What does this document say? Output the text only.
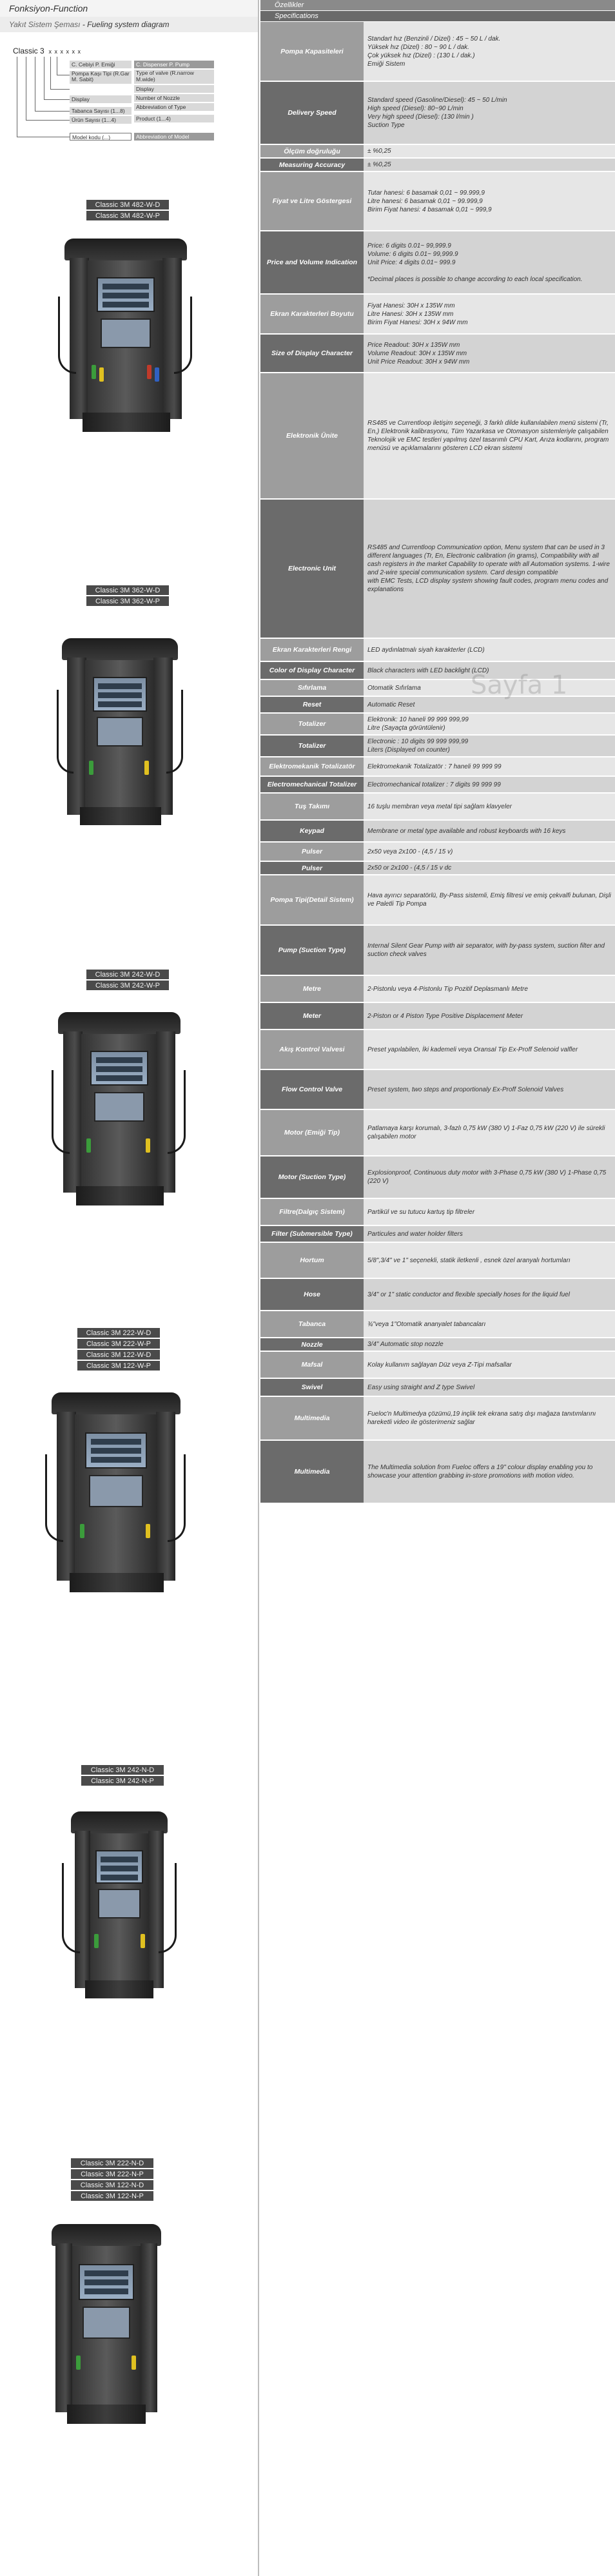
Fonksiyon-Function
Yakıt Sistem Şeması - Fueling system diagram
Classic 3  x x x x x x
C. Cebiyi P. Emiği
Pompa Kaşı Tipi (R.Gar M. Sabit)
Display
Tabanca Sayısı (1...8)
Ürün Sayısı (1...4)
Model kodu (...)
C. Dispenser P. Pump
Type of valve (R.narrow M.wide)
Display
Number of Nozzle
Abbreviation of Type
Product (1...4)
Abbreviation of Model
Classic 3M 482-W-D
Classic 3M 482-W-P
Classic 3M 362-W-D
Classic 3M 362-W-P
Classic 3M 242-W-D
Classic 3M 242-W-P
Classic 3M 222-W-D
Classic 3M 222-W-P
Classic 3M 122-W-D
Classic 3M 122-W-P
Classic 3M 242-N-D
Classic 3M 242-N-P
Classic 3M 222-N-D
Classic 3M 222-N-P
Classic 3M 122-N-D
Classic 3M 122-N-P
Özellikler
Specifications
Pompa Kapasiteleri	Standart hız (Benzinli / Dizel) : 45 ~ 50 L / dak.
Yüksek hız (Dizel) : 80 ~ 90 L / dak.
Çok yüksek hız (Dizel) : (130 L / dak.)
Emiği Sistem
Delivery Speed	Standard speed (Gasoline/Diesel): 45 ~ 50 L/min
High speed (Diesel): 80~90 L/min
Very high speed (Diesel): (130 l/min )
Suction Type
Ölçüm doğruluğu	± %0,25
Measuring Accuracy	± %0,25
Fiyat ve Litre Göstergesi	Tutar hanesi: 6 basamak 0,01 ~ 99.999,9
Litre hanesi: 6 basamak 0,01 ~ 99.999,9
Birim Fiyat hanesi: 4 basamak 0,01 ~ 999,9
Price and Volume Indication	Price: 6 digits 0.01~ 99,999.9
Volume: 6 digits 0.01~ 99,999.9
Unit Price: 4 digits 0.01~ 999.9

*Decimal places is possible to change according to each local specification.
Ekran Karakterleri Boyutu	Fiyat Hanesi: 30H x 135W mm
Litre Hanesi: 30H x 135W mm
Birim Fiyat Hanesi: 30H x 94W mm
Size of Display Character	Price Readout: 30H x 135W mm
Volume Readout: 30H x 135W mm
Unit Price Readout: 30H x 94W mm
Elektronik Ünite	RS485 ve Currentloop iletişim seçeneği, 3 farklı dilde kullanılabilen menü sistemi (Tr, En,) Elektronik kalibrasyonu, Tüm Yazarkasa ve Otomasyon sistemleriyle çalışabilen Teknolojik ve EMC testleri yapılmış özel tasarımlı CPU Kart, Arıza kodlarını, program menüsü ve açıklamalarını gösteren LCD ekran sistemi
Electronic Unit	RS485 and Currentloop Communication option, Menu system that can be used in 3 different languages (Tr, En, Electronic calibration (in grams), Compatibility with all cash registers in the market Capability to operate with all Automation systems. 1-wire and 2-wire special communication system. Card design compatible
with EMC Tests, LCD display system showing fault codes, program menu codes and explanations
Ekran Karakterleri Rengi	LED aydınlatmalı siyah karakterler (LCD)
Color of Display Character	Black characters with LED backlight (LCD)
Sıfırlama	Otomatik Sıfırlama
Reset	Automatic Reset
Totalizer	Elektronik: 10 haneli 99 999 999,99
Litre (Sayaçta görüntülenir)
Totalizer	Electronic : 10 digits 99 999 999,99
Liters (Displayed on counter)
Elektromekanik Totalizatör	Elektromekanik Totalizatör : 7 haneli 99 999 99
Electromechanical Totalizer	Electromechanical totalizer : 7 digits 99 999 99
Tuş Takımı	16 tuşlu membran veya metal tipi sağlam klavyeler
Keypad	Membrane or metal type available and robust keyboards with 16 keys
Pulser	2x50 veya 2x100 - (4,5 / 15 v)
Pulser	2x50 or 2x100 - (4,5 / 15 v dc
Pompa Tipi(Detail Sistem)	Hava ayırıcı separatörlü, By-Pass sistemli, Emiş filtresi ve emiş çekvalfi bulunan, Dişli ve Paletli Tip Pompa
Pump (Suction Type)	Internal Silent Gear Pump with air separator, with by-pass system, suction filter and suction check valves
Metre	2-Pistonlu veya 4-Pistonlu Tip Pozitif Deplasmanlı Metre
Meter	2-Piston or 4 Piston Type Positive Displacement Meter
Akış Kontrol Valvesi	Preset yapılabilen, İki kademeli veya Oransal Tip Ex-Proff Selenoid valfler
Flow Control Valve	Preset system, two steps and proportionaly Ex-Proff Solenoid Valves
Motor (Emiği Tip)	Patlamaya karşı korumalı, 3-fazlı 0,75 kW (380 V) 1-Faz 0,75 kW (220 V) ile sürekli çalışabilen motor
Motor (Suction Type)	Explosionproof, Continuous duty motor with 3-Phase 0,75 kW (380 V) 1-Phase 0,75 (220 V)
Filtre(Dalgıç Sistem)	Partikül ve su tutucu kartuş tip filtreler
Filter (Submersible Type)	Particules and water holder filters
Hortum	5/8",3/4" ve 1" seçenekli, statik iletkenli , esnek özel aranyalı hortumları
Hose	3/4" or 1" static conductor and flexible specially hoses for the liquid fuel
Tabanca	¾"veya 1"Otomatik ananyalet tabancaları
Nozzle	3/4" Automatic stop nozzle
Mafsal	Kolay kullanım sağlayan Düz veya Z-Tipi mafsallar
Swivel	Easy using straight and Z type Swivel
Multimedia	Fueloc'n Multimedya çözümü,19 inçlik tek ekrana satış dışı mağaza tanıtımlarını hareketli video ile gösterimeniz sağlar
Multimedia	The Multimedia solution from Fueloc offers a 19" colour display enabling you to showcase your attention grabbing in-store promotions with motion video.
Sayfa 1
